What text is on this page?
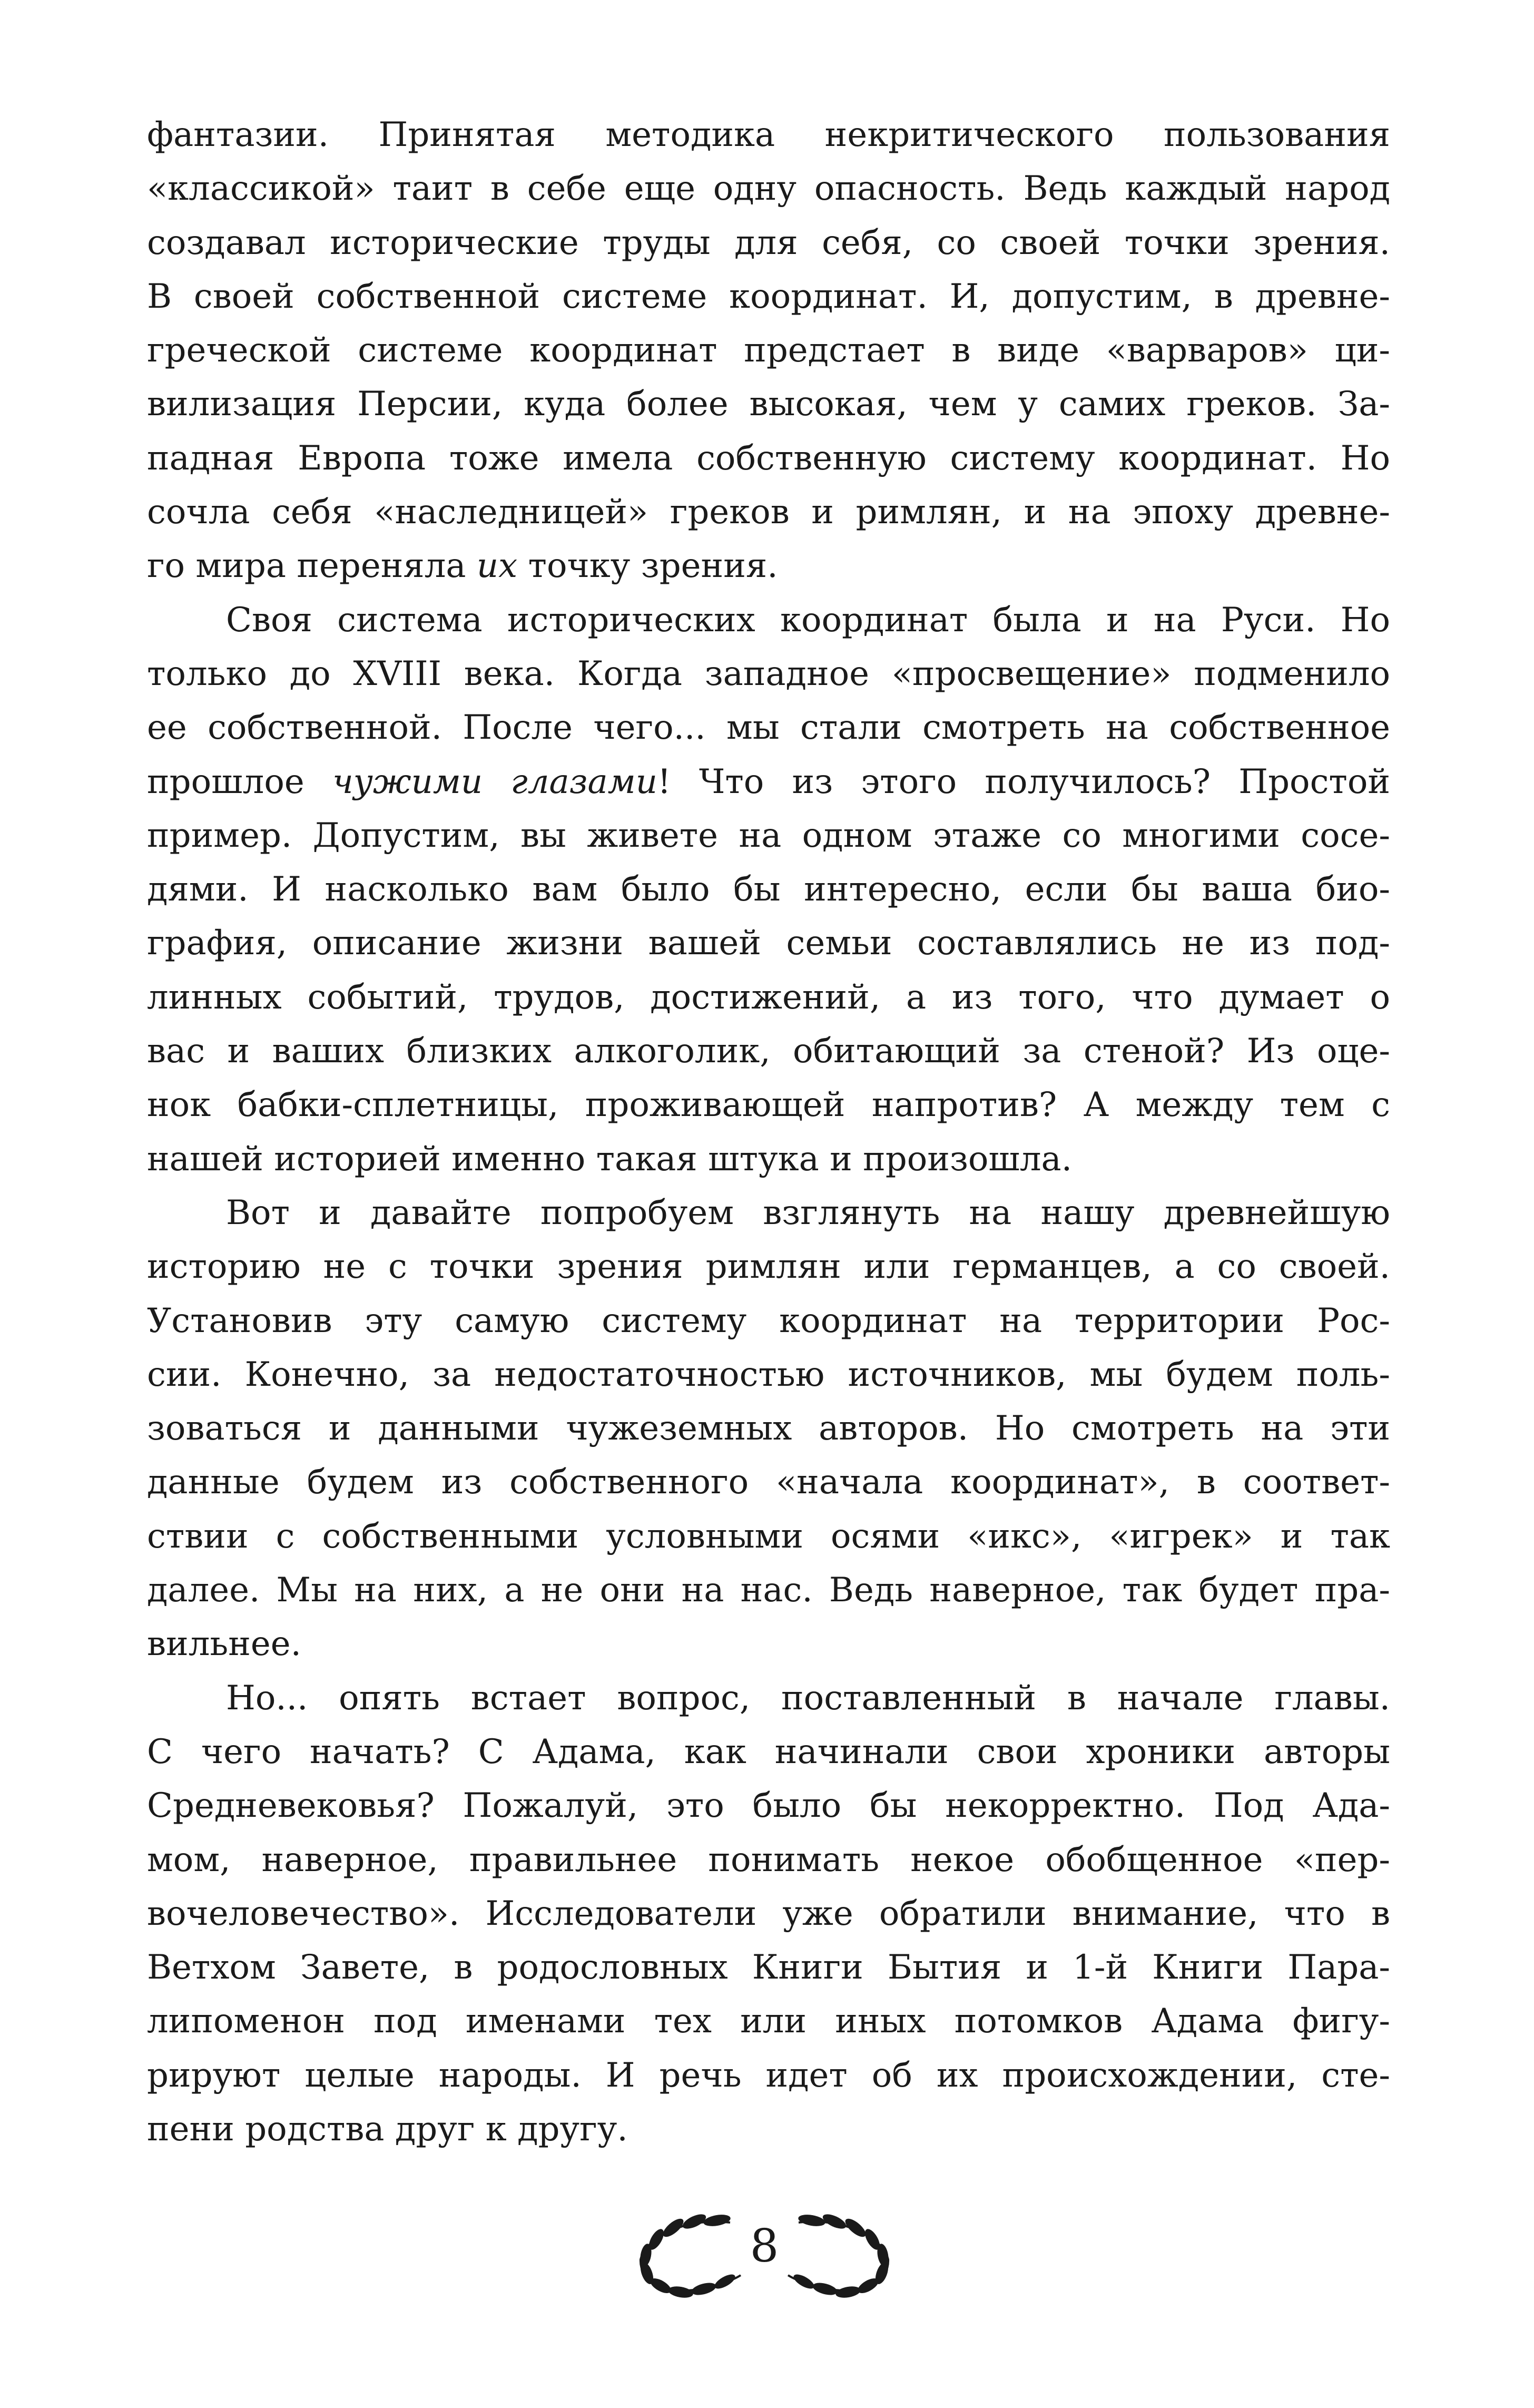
фантазии. Принятая методика некритического пользования
«классикой» таит в себе еще одну опасность. Ведь каждый народ
создавал исторические труды для себя, со своей точки зрения.
В своей собственной системе координат. И, допустим, в древне-
греческой системе координат предстает в виде «варваров» ци-
вилизация Персии, куда более высокая, чем у самих греков. За-
падная Европа тоже имела собственную систему координат. Но
сочла себя «наследницей» греков и римлян, и на эпоху древне-
го мира переняла их точку зрения.

Своя система исторических координат была и на Руси. Но
только до XVIII века. Когда западное «просвещение» подменило
ее собственной. После чего... мы стали смотреть на собственное
прошлое чужими глазами! Что из этого получилось? Простой
пример. Допустим, вы живете на одном этаже со многими сосе-
дями. И насколько вам было бы интересно, если бы ваша био-
графия, описание жизни вашей семьи составлялись не из под-
линных событий, трудов, достижений, а из того, что думает о
вас и ваших близких алкоголик, обитающий за стеной? Из оце-
нок бабки-сплетницы, проживающей напротив? А между тем с
нашей историей именно такая штука и произошла.

Вот и давайте попробуем взглянуть на нашу древнейшую
историю не с точки зрения римлян или германцев, а со своей.
Установив эту самую систему координат на территории Рос-
сии. Конечно, за недостаточностью источников, мы будем поль-
зоваться и данными чужеземных авторов. Но смотреть на эти
данные будем из собственного «начала координат», в соответ-
ствии с собственными условными осями «икс», «игрек» и так
далее. Мы на них, а не они на нас. Ведь наверное, так будет пра-
вильнее.

Но... опять встает вопрос, поставленный в начале главы.
С чего начать? С Адама, как начинали свои хроники авторы
Средневековья? Пожалуй, это было бы некорректно. Под Ада-
мом, наверное, правильнее понимать некое обобщенное «пер-
вочеловечество». Исследователи уже обратили внимание, что в
Ветхом Завете, в родословных Книги Бытия и 1-й Книги Пара-
липоменон под именами тех или иных потомков Адама фигу-
рируют целые народы. И речь идет об их происхождении, сте-
пени родства друг к другу.

8
